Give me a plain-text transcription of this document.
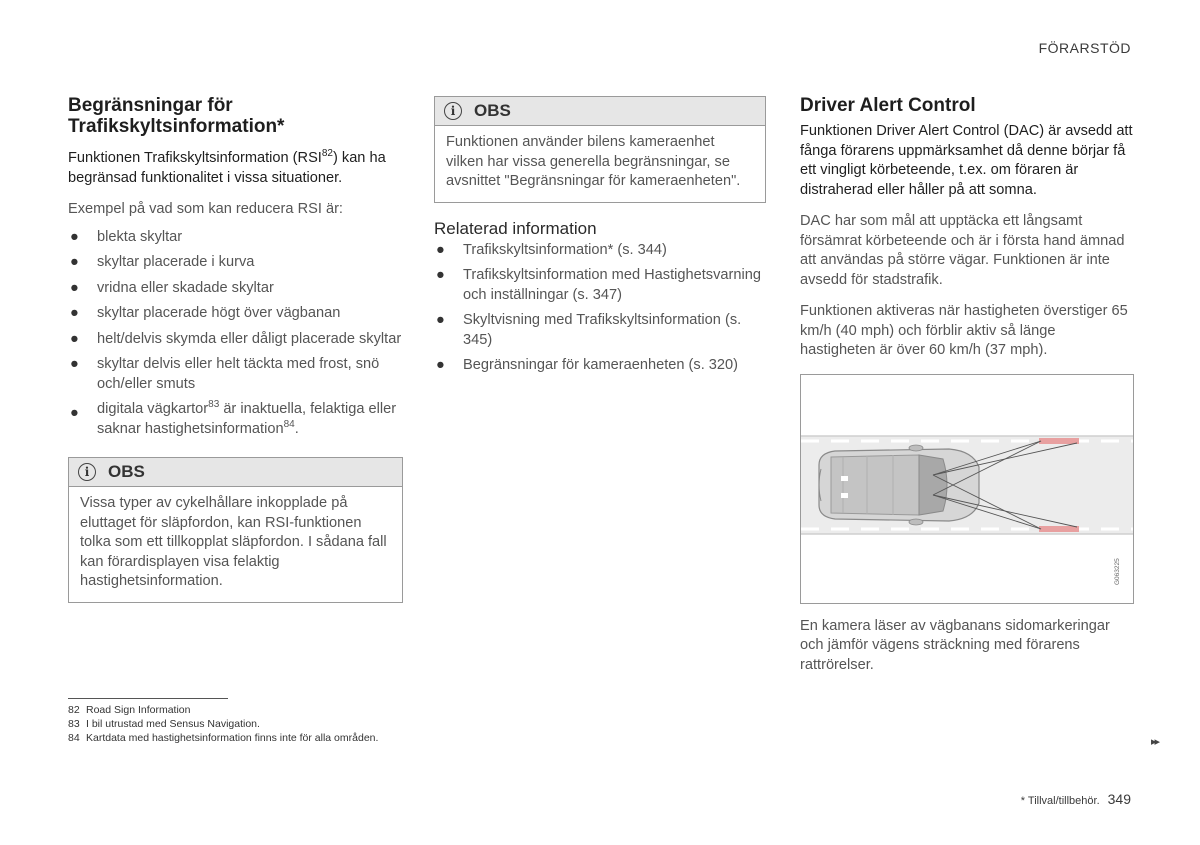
FÖRARSTÖD
Begränsningar för Trafikskyltsinformation*

Funktionen Trafikskyltsinformation (RSI$^{82}$) kan ha begränsad funktionalitet i vissa situationer.

Exempel på vad som kan reducera RSI är:

● blekta skyltar
● skyltar placerade i kurva
● vridna eller skadade skyltar
● skyltar placerade högt över vägbanan
● helt/delvis skymda eller dåligt placerade skyltar
● skyltar delvis eller helt täckta med frost, snö och/eller smuts
● digitala vägkartor$^{83}$ är inaktuella, felaktiga eller saknar hastighetsinformation$^{84}$.
i	OBS
Vissa typer av cykelhållare inkopplade på eluttaget för släpfordon, kan RSI-funktionen tolka som ett tillkopplat släpfordon. I sådana fall kan förardisplayen visa felaktig hastighetsinformation.
i	OBS
Funktionen använder bilens kameraenhet vilken har vissa generella begränsningar, se avsnittet "Begränsningar för kameraenheten".
Relaterad information
● Trafikskyltsinformation* (s. 344)
● Trafikskyltsinformation med Hastighetsvarning och inställningar (s. 347)
● Skyltvisning med Trafikskyltsinformation (s. 345)
● Begränsningar för kameraenheten (s. 320)
Driver Alert Control

Funktionen Driver Alert Control (DAC) är avsedd att fånga förarens uppmärksamhet då denne börjar få ett vingligt körbeteende, t.ex. om föraren är distraherad eller håller på att somna.

DAC har som mål att upptäcka ett långsamt försämrat körbeteende och är i första hand ämnad att användas på större vägar. Funktionen är inte avsedd för stadstrafik.

Funktionen aktiveras när hastigheten överstiger 65 km/h (40 mph) och förblir aktiv så länge hastigheten är över 60 km/h (37 mph).

G063225

En kamera läser av vägbanans sidomarkeringar och jämför vägens sträckning med förarens rattrörelser.

82 Road Sign Information
83 I bil utrustad med Sensus Navigation.
84 Kartdata med hastighetsinformation finns inte för alla områden.	▸▸
* Tillval/tillbehör. 349
